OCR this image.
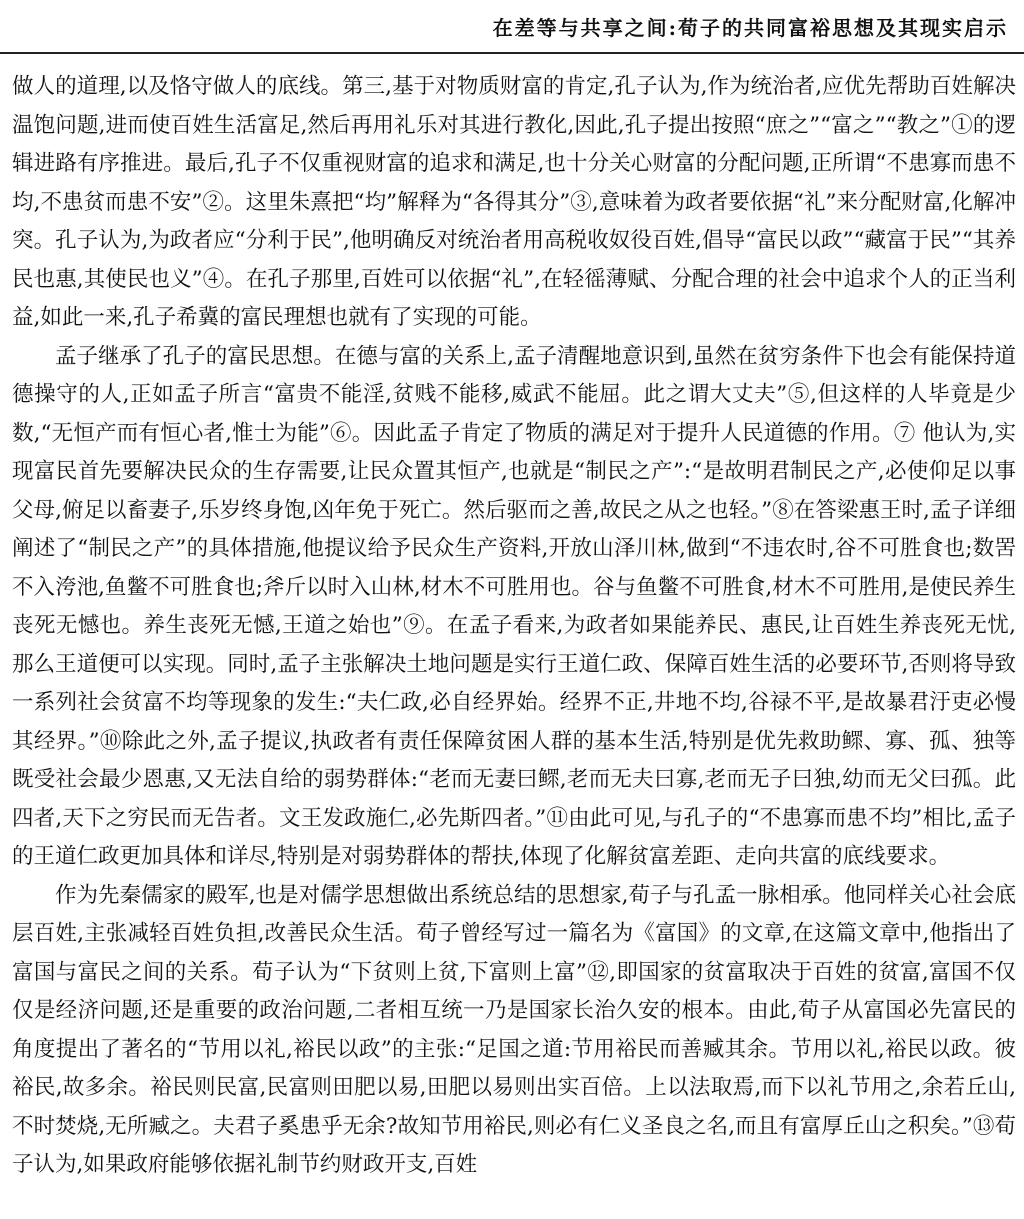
在差等与共享之间:荀子的共同富裕思想及其现实启示

做人的道理,以及恪守做人的底线。第三,基于对物质财富的肯定,孔子认为,作为统治者,应优先帮助百姓解决温饱问题,进而使百姓生活富足,然后再用礼乐对其进行教化,因此,孔子提出按照“庶之”“富之”“教之”①的逻辑进路有序推进。最后,孔子不仅重视财富的追求和满足,也十分关心财富的分配问题,正所谓“不患寡而患不均,不患贫而患不安”②。这里朱熹把“均”解释为“各得其分”③,意味着为政者要依据“礼”来分配财富,化解冲突。孔子认为,为政者应“分利于民”,他明确反对统治者用高税收奴役百姓,倡导“富民以政”“藏富于民”“其养民也惠,其使民也义”④。在孔子那里,百姓可以依据“礼”,在轻徭薄赋、分配合理的社会中追求个人的正当利益,如此一来,孔子希冀的富民理想也就有了实现的可能。

孟子继承了孔子的富民思想。在德与富的关系上,孟子清醒地意识到,虽然在贫穷条件下也会有能保持道德操守的人,正如孟子所言“富贵不能淫,贫贱不能移,威武不能屈。此之谓大丈夫”⑤,但这样的人毕竟是少数,“无恒产而有恒心者,惟士为能”⑥。因此孟子肯定了物质的满足对于提升人民道德的作用。⑦ 他认为,实现富民首先要解决民众的生存需要,让民众置其恒产,也就是“制民之产”:“是故明君制民之产,必使仰足以事父母,俯足以畜妻子,乐岁终身饱,凶年免于死亡。然后驱而之善,故民之从之也轻。”⑧在答梁惠王时,孟子详细阐述了“制民之产”的具体措施,他提议给予民众生产资料,开放山泽川林,做到“不违农时,谷不可胜食也;数罟不入洿池,鱼鳖不可胜食也;斧斤以时入山林,材木不可胜用也。谷与鱼鳖不可胜食,材木不可胜用,是使民养生丧死无憾也。养生丧死无憾,王道之始也”⑨。在孟子看来,为政者如果能养民、惠民,让百姓生养丧死无忧,那么王道便可以实现。同时,孟子主张解决土地问题是实行王道仁政、保障百姓生活的必要环节,否则将导致一系列社会贫富不均等现象的发生:“夫仁政,必自经界始。经界不正,井地不均,谷禄不平,是故暴君汙吏必慢其经界。”⑩除此之外,孟子提议,执政者有责任保障贫困人群的基本生活,特别是优先救助鳏、寡、孤、独等既受社会最少恩惠,又无法自给的弱势群体:“老而无妻曰鳏,老而无夫曰寡,老而无子曰独,幼而无父曰孤。此四者,天下之穷民而无告者。文王发政施仁,必先斯四者。”⑪由此可见,与孔子的“不患寡而患不均”相比,孟子的王道仁政更加具体和详尽,特别是对弱势群体的帮扶,体现了化解贫富差距、走向共富的底线要求。

作为先秦儒家的殿军,也是对儒学思想做出系统总结的思想家,荀子与孔孟一脉相承。他同样关心社会底层百姓,主张减轻百姓负担,改善民众生活。荀子曾经写过一篇名为《富国》的文章,在这篇文章中,他指出了富国与富民之间的关系。荀子认为“下贫则上贫,下富则上富”⑫,即国家的贫富取决于百姓的贫富,富国不仅仅是经济问题,还是重要的政治问题,二者相互统一乃是国家长治久安的根本。由此,荀子从富国必先富民的角度提出了著名的“节用以礼,裕民以政”的主张:“足国之道:节用裕民而善臧其余。节用以礼,裕民以政。彼裕民,故多余。裕民则民富,民富则田肥以易,田肥以易则出实百倍。上以法取焉,而下以礼节用之,余若丘山,不时焚烧,无所臧之。夫君子奚患乎无余?故知节用裕民,则必有仁义圣良之名,而且有富厚丘山之积矣。”⑬荀子认为,如果政府能够依据礼制节约财政开支,百姓
